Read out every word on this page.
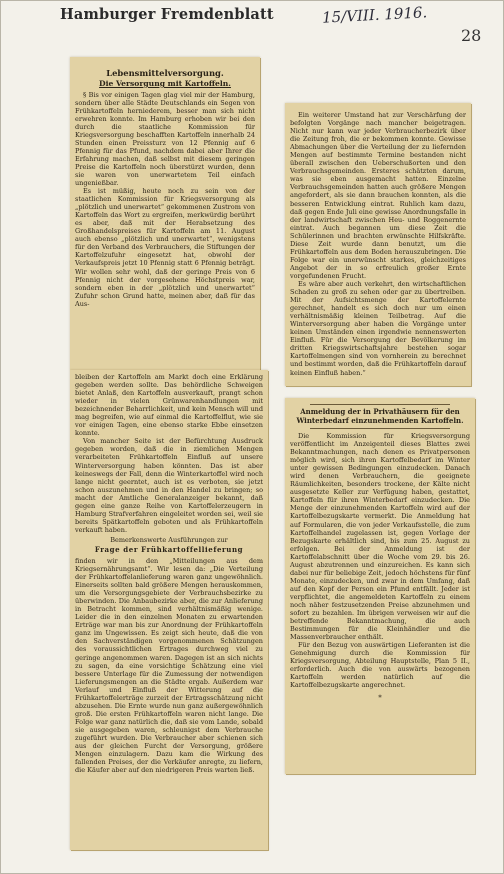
Hamburger Fremdenblatt	15/VIII. 1916.
28
Lebensmittelversorgung.
Die Versorgung mit Kartoffeln.

§ Bis vor einigen Tagen glag viel mir der Hamburg, sondern über alle Städte Deutschlands ein Segen von Frühkartoffeln herniederem, besser man sich nicht erwehren konnte. Im Hamburg erhoben wir bei den durch die staatliche Kommission für Kriegsversorgung beschafften Kartoffeln innerhalb 24 Stunden einen Preissturz von 12 Pfennig auf 6 Pfennig für das Pfund, nachdem dabei aber Ihrer die Erfahrung machen, daß selbst mit diesem geringen Preise die Kartoffeln noch überstürzt wurden, denn sie waren von unerwartetem Teil einfach ungenießbar.

Es ist müßig, heute noch zu sein von der staatlichen Kommission für Kriegsversorgung als „plötzlich und unerwartet“ gekommenen Zustrom von Kartoffeln das Wort zu ergreifen, merkwürdig berührt es aber, daß mit der Herabsetzung des Großhandelspreises für Kartoffeln am 11. August auch ebenso „plötzlich und unerwartet“, wenigstens für den Verband des Verbrauchers, die Stiftungen der Kartoffelzufuhr eingesetzt hat, obwohl der Verkaufspreis jetzt 10 Pfennig statt 6 Pfennig beträgt. Wir wollen sehr wohl, daß der geringe Preis von 6 Pfennig nicht der vorgesehene Höchstpreis war, sondern eben in der „plötzlich und unerwartet“ Zufuhr schon Grund hatte, meinen aber, daß für das Aus-

bleiben der Kartoffeln am Markt doch eine Erklärung gegeben werden sollte. Das behördliche Schweigen bietet Anlaß, den Kartoffeln ausverkauft, prangt schon wieder in vielen Grünwarenhandlungen mit bezeichnender Beharrlichkeit, und kein Mensch will und mag begreifen, wie auf einmal die Kartoffelflut, wie sie vor einigen Tagen, eine ebenso starke Ebbe einsetzen konnte.

Von mancher Seite ist der Befürchtung Ausdruck gegeben worden, daß die in ziemlichen Mengen verarbeiteten Frühkartoffeln Einfluß auf unsere Winterversorgung haben könnten. Das ist aber keineswegs der Fall, denn die Winterkartoffel wird noch lange nicht geerntet, auch ist es verboten, sie jetzt schon auszunehmen und in den Handel zu bringen; so macht der Amtliche Generalanzeiger bekannt, daß gegen eine ganze Reihe von Kartoffelerzeugern in Hamburg Strafverfahren eingeleitet worden sei, weil sie bereits Spätkartoffeln geboten und als Frühkartoffeln verkauft haben.

Bemerkenswerte Ausführungen zur
Frage der Frühkartoffellieferung

finden wir in den „Mitteilungen aus dem Kriegsernährungsamt“. Wir lesen da: „Die Verteilung der Frühkartoffelanlieferung waren ganz ungewöhnlich. Einerseits sollten bald größere Mengen herauskommen, um die Versorgungsgebiete der Verbrauchsbezirke zu überwinden. Die Anbaubezirke aber, die zur Anlieferung in Betracht kommen, sind verhältnismäßig wenige. Leider die in den einzelnen Monaten zu erwartenden Erträge war man bis zur Anordnung der Frühkartoffeln ganz im Ungewissen. Es zeigt sich heute, daß die von den Sachverständigen vorgenommenen Schätzungen des voraussichtlichen Ertrages durchweg viel zu geringe angenommen waren. Dagegen ist an sich nichts zu sagen, da eine vorsichtige Schätzung eine viel bessere Unterlage für die Zumessung der notwendigen Lieferungsmengen an die Städte ergab. Außerdem war Verlauf und Einfluß der Witterung auf die Frühkartoffelerträge zurzeit der Ertragsschätzung nicht abzusehen. Die Ernte wurde nun ganz außergewöhnlich groß. Die ersten Frühkartoffeln waren nicht lange. Die Folge war ganz natürlich die, daß sie vom Lande, sobald sie ausgegeben waren, schleunigst dem Verbrauche zugeführt wurden. Die Verbraucher aber schienen sich aus der gleichen Furcht der Versorgung, größere Mengen einzulagern. Dazu kam die Wirkung des fallenden Preises, der die Verkäufer anregte, zu liefern, die Käufer aber auf den niedrigeren Preis warten ließ.

Ein weiterer Umstand hat zur Verschärfung der befolgten Vorgänge nach mancher beigetragen. Nicht nur kann war jeder Verbraucherbezirk über die Zeitung froh, die er bekommen konnte. Gewisse Abmachungen über die Verteilung der zu liefernden Mengen auf bestimmte Termine bestanden nicht überall zwischen den Ueberschußorten und den Verbrauchsgemeinden. Ersteres schätzten darum, was sie eben ausgemacht hatten. Einzelne Verbrauchsgemeinden hatten auch größere Mengen angefordert, als sie dann brauchen konnten, als die besseren Entwicklung eintrat. Ruhlich kam dazu, daß gegen Ende Juli eine gewisse Anordnungsfalle in der landwirtschaft zwischen Heu- und Roggenernte eintrat. Auch begannen um diese Zeit die Schülerinnen und brachten erwünschte Hilfskräfte. Diese Zeit wurde dann benutzt, um die Frühkartoffeln aus dem Boden herauszubringen. Die Folge war ein unerwünscht starkes, gleichzeitiges Angebot der in so erfreulich großer Ernte vorgefundenen Frucht.

Es wäre aber auch verkehrt, den wirtschaftlichen Schaden zu groß zu sehen oder gar zu übertreiben. Mit der Aufsichtsmenge der Kartoffelernte gerechnet, handelt es sich doch nur um einen verhältnismäßig kleinen Teilbetrag. Auf die Winterversorgung aber haben die Vorgänge unter keinen Umständen einen irgendwie nennenswerten Einfluß. Für die Versorgung der Bevölkerung im dritten Kriegswirtschaftsjahre bestehen sogar Kartoffelmengen sind von vornherein zu berechnet und bestimmt worden, daß die Frühkartoffeln darauf keinen Einfluß haben.“

Anmeldung der in Privathäusern für den Winterbedarf einzunehmenden Kartoffeln.

Die Kommission für Kriegsversorgung veröffentlicht im Anzeigenteil dieses Blattes zwei Bekanntmachungen, nach denen es Privatpersonen möglich wird, sich ihren Kartoffelbedarf im Winter unter gewissen Bedingungen einzudecken. Danach wird denen Verbrauchern, die geeignete Räumlichkeiten, besonders trockene, der Kälte nicht ausgesetzte Keller zur Verfügung haben, gestattet, Kartoffeln für ihren Winterbedarf einzudecken. Die Menge der einzunehmenden Kartoffeln wird auf der Kartoffelbezugskarte vermerkt. Die Anmeldung hat auf Formularen, die von jeder Verkaufsstelle, die zum Kartoffelhandel zugelassen ist, gegen Vorlage der Bezugskarte erhältlich sind, bis zum 25. August zu erfolgen. Bei der Anmeldung ist der Kartoffelabschnitt über die Woche vom 29. bis 26. August abzutrennen und einzureichen. Es kann sich dabei nur für beliebige Zeit, jedoch höchstens für fünf Monate, einzudecken, und zwar in dem Umfang, daß auf den Kopf der Person ein Pfund entfällt. Jeder ist verpflichtet, die angemeldeten Kartoffeln zu einem noch näher festzusetzenden Preise abzunehmen und sofort zu bezahlen. Im übrigen verweisen wir auf die betreffende Bekanntmachung, die auch Bestimmungen für die Kleinhändler und die Massenverbraucher enthält.

Für den Bezug von auswärtigen Lieferanten ist die Genehmigung durch die Kommission für Kriegsversorgung, Abteilung Hauptstelle, Plan 5 II., erforderlich. Auch die von auswärts bezogenen Kartoffeln werden natürlich auf die Kartoffelbezugskarte angerechnet.

*
